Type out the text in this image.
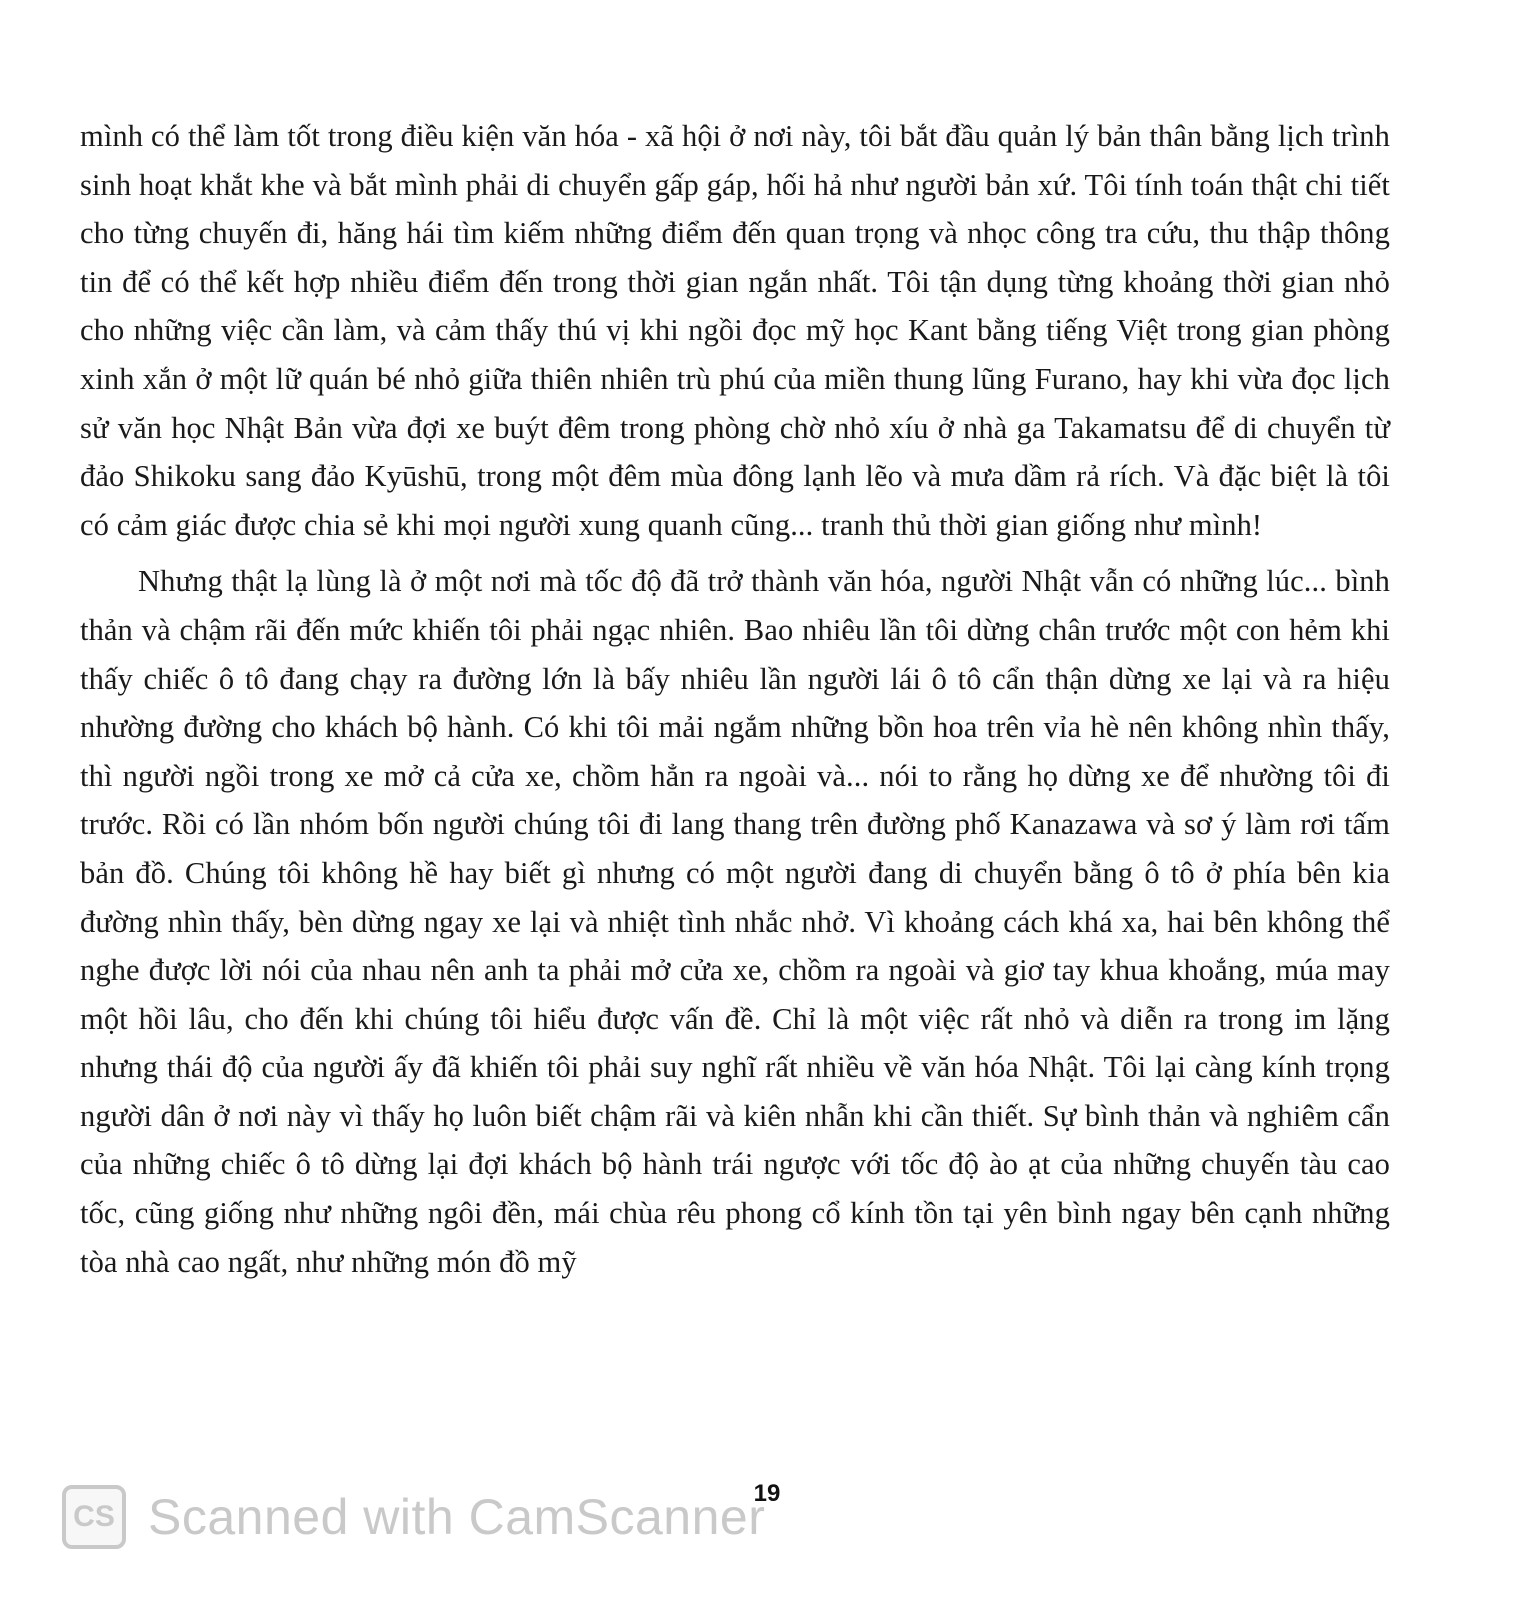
mình có thể làm tốt trong điều kiện văn hóa - xã hội ở nơi này, tôi bắt đầu quản lý bản thân bằng lịch trình sinh hoạt khắt khe và bắt mình phải di chuyển gấp gáp, hối hả như người bản xứ. Tôi tính toán thật chi tiết cho từng chuyến đi, hăng hái tìm kiếm những điểm đến quan trọng và nhọc công tra cứu, thu thập thông tin để có thể kết hợp nhiều điểm đến trong thời gian ngắn nhất. Tôi tận dụng từng khoảng thời gian nhỏ cho những việc cần làm, và cảm thấy thú vị khi ngồi đọc mỹ học Kant bằng tiếng Việt trong gian phòng xinh xắn ở một lữ quán bé nhỏ giữa thiên nhiên trù phú của miền thung lũng Furano, hay khi vừa đọc lịch sử văn học Nhật Bản vừa đợi xe buýt đêm trong phòng chờ nhỏ xíu ở nhà ga Takamatsu để di chuyển từ đảo Shikoku sang đảo Kyūshū, trong một đêm mùa đông lạnh lẽo và mưa dầm rả rích. Và đặc biệt là tôi có cảm giác được chia sẻ khi mọi người xung quanh cũng... tranh thủ thời gian giống như mình!

Nhưng thật lạ lùng là ở một nơi mà tốc độ đã trở thành văn hóa, người Nhật vẫn có những lúc... bình thản và chậm rãi đến mức khiến tôi phải ngạc nhiên. Bao nhiêu lần tôi dừng chân trước một con hẻm khi thấy chiếc ô tô đang chạy ra đường lớn là bấy nhiêu lần người lái ô tô cẩn thận dừng xe lại và ra hiệu nhường đường cho khách bộ hành. Có khi tôi mải ngắm những bồn hoa trên vỉa hè nên không nhìn thấy, thì người ngồi trong xe mở cả cửa xe, chồm hẳn ra ngoài và... nói to rằng họ dừng xe để nhường tôi đi trước. Rồi có lần nhóm bốn người chúng tôi đi lang thang trên đường phố Kanazawa và sơ ý làm rơi tấm bản đồ. Chúng tôi không hề hay biết gì nhưng có một người đang di chuyển bằng ô tô ở phía bên kia đường nhìn thấy, bèn dừng ngay xe lại và nhiệt tình nhắc nhở. Vì khoảng cách khá xa, hai bên không thể nghe được lời nói của nhau nên anh ta phải mở cửa xe, chồm ra ngoài và giơ tay khua khoắng, múa may một hồi lâu, cho đến khi chúng tôi hiểu được vấn đề. Chỉ là một việc rất nhỏ và diễn ra trong im lặng nhưng thái độ của người ấy đã khiến tôi phải suy nghĩ rất nhiều về văn hóa Nhật. Tôi lại càng kính trọng người dân ở nơi này vì thấy họ luôn biết chậm rãi và kiên nhẫn khi cần thiết. Sự bình thản và nghiêm cẩn của những chiếc ô tô dừng lại đợi khách bộ hành trái ngược với tốc độ ào ạt của những chuyến tàu cao tốc, cũng giống như những ngôi đền, mái chùa rêu phong cổ kính tồn tại yên bình ngay bên cạnh những tòa nhà cao ngất, như những món đồ mỹ

19
CS Scanned with CamScanner
